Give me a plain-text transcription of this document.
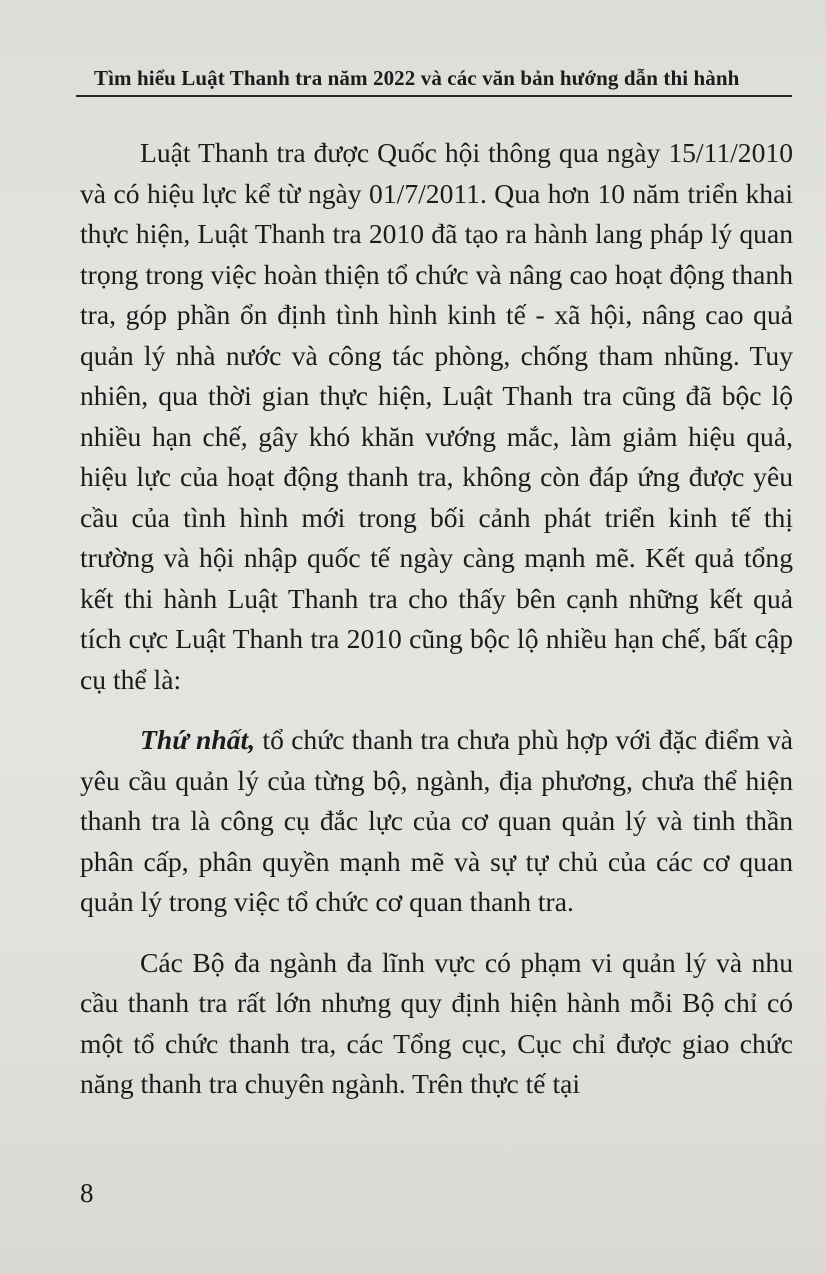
Tìm hiểu Luật Thanh tra năm 2022 và các văn bản hướng dẫn thi hành

Luật Thanh tra được Quốc hội thông qua ngày 15/11/2010 và có hiệu lực kể từ ngày 01/7/2011. Qua hơn 10 năm triển khai thực hiện, Luật Thanh tra 2010 đã tạo ra hành lang pháp lý quan trọng trong việc hoàn thiện tổ chức và nâng cao hoạt động thanh tra, góp phần ổn định tình hình kinh tế - xã hội, nâng cao quả quản lý nhà nước và công tác phòng, chống tham nhũng. Tuy nhiên, qua thời gian thực hiện, Luật Thanh tra cũng đã bộc lộ nhiều hạn chế, gây khó khăn vướng mắc, làm giảm hiệu quả, hiệu lực của hoạt động thanh tra, không còn đáp ứng được yêu cầu của tình hình mới trong bối cảnh phát triển kinh tế thị trường và hội nhập quốc tế ngày càng mạnh mẽ. Kết quả tổng kết thi hành Luật Thanh tra cho thấy bên cạnh những kết quả tích cực Luật Thanh tra 2010 cũng bộc lộ nhiều hạn chế, bất cập cụ thể là:

Thứ nhất, tổ chức thanh tra chưa phù hợp với đặc điểm và yêu cầu quản lý của từng bộ, ngành, địa phương, chưa thể hiện thanh tra là công cụ đắc lực của cơ quan quản lý và tinh thần phân cấp, phân quyền mạnh mẽ và sự tự chủ của các cơ quan quản lý trong việc tổ chức cơ quan thanh tra.

Các Bộ đa ngành đa lĩnh vực có phạm vi quản lý và nhu cầu thanh tra rất lớn nhưng quy định hiện hành mỗi Bộ chỉ có một tổ chức thanh tra, các Tổng cục, Cục chỉ được giao chức năng thanh tra chuyên ngành. Trên thực tế tại

8
